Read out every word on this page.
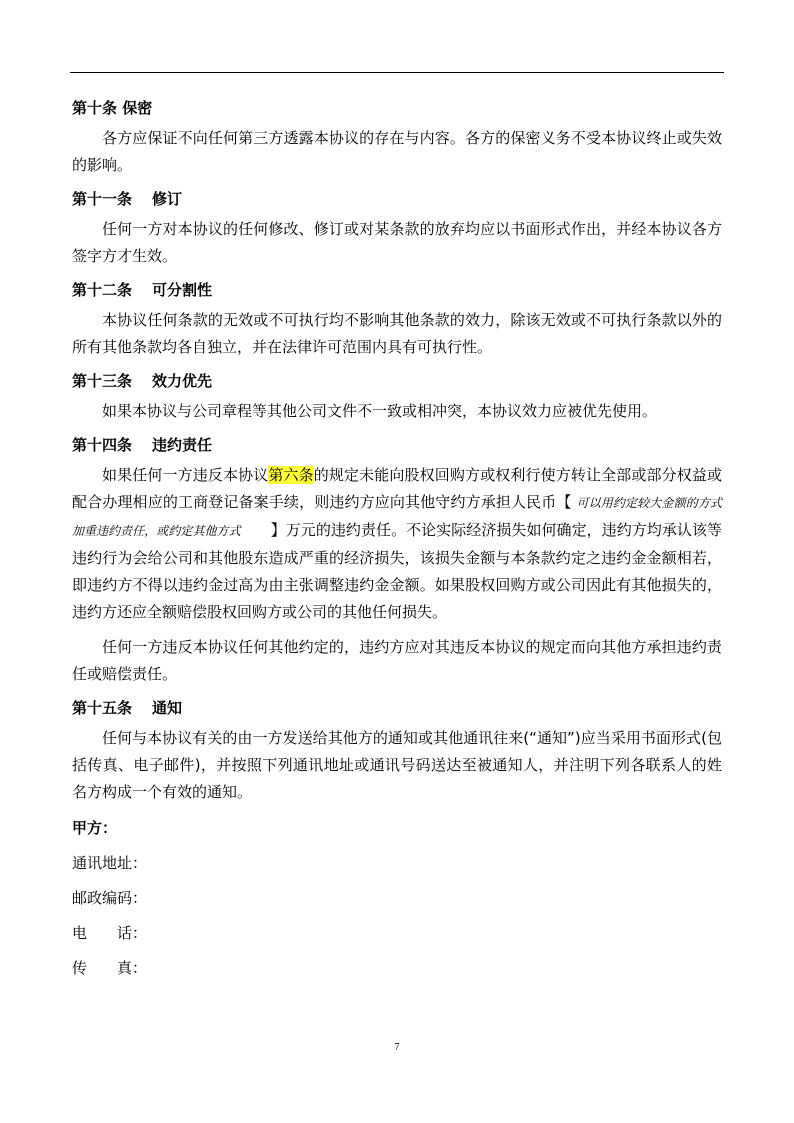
第十条 保密

各方应保证不向任何第三方透露本协议的存在与内容。各方的保密义务不受本协议终止或失效的影响。

第十一条 修订

任何一方对本协议的任何修改、修订或对某条款的放弃均应以书面形式作出，并经本协议各方签字方才生效。

第十二条 可分割性

本协议任何条款的无效或不可执行均不影响其他条款的效力，除该无效或不可执行条款以外的所有其他条款均各自独立，并在法律许可范围内具有可执行性。

第十三条 效力优先

如果本协议与公司章程等其他公司文件不一致或相冲突，本协议效力应被优先使用。

第十四条 违约责任

如果任何一方违反本协议第六条的规定未能向股权回购方或权利行使方转让全部或部分权益或配合办理相应的工商登记备案手续，则违约方应向其他守约方承担人民币【 可以用约定较大金额的方式加重违约责任，或约定其他方式　　】万元的违约责任。不论实际经济损失如何确定，违约方均承认该等违约行为会给公司和其他股东造成严重的经济损失，该损失金额与本条款约定之违约金金额相若，即违约方不得以违约金过高为由主张调整违约金金额。如果股权回购方或公司因此有其他损失的，违约方还应全额赔偿股权回购方或公司的其他任何损失。

任何一方违反本协议任何其他约定的，违约方应对其违反本协议的规定而向其他方承担违约责任或赔偿责任。

第十五条 通知

任何与本协议有关的由一方发送给其他方的通知或其他通讯往来(“通知”)应当采用书面形式(包括传真、电子邮件)，并按照下列通讯地址或通讯号码送达至被通知人，并注明下列各联系人的姓名方构成一个有效的通知。

甲方：
通讯地址：
邮政编码：
电　　话：
传　　真：
7
